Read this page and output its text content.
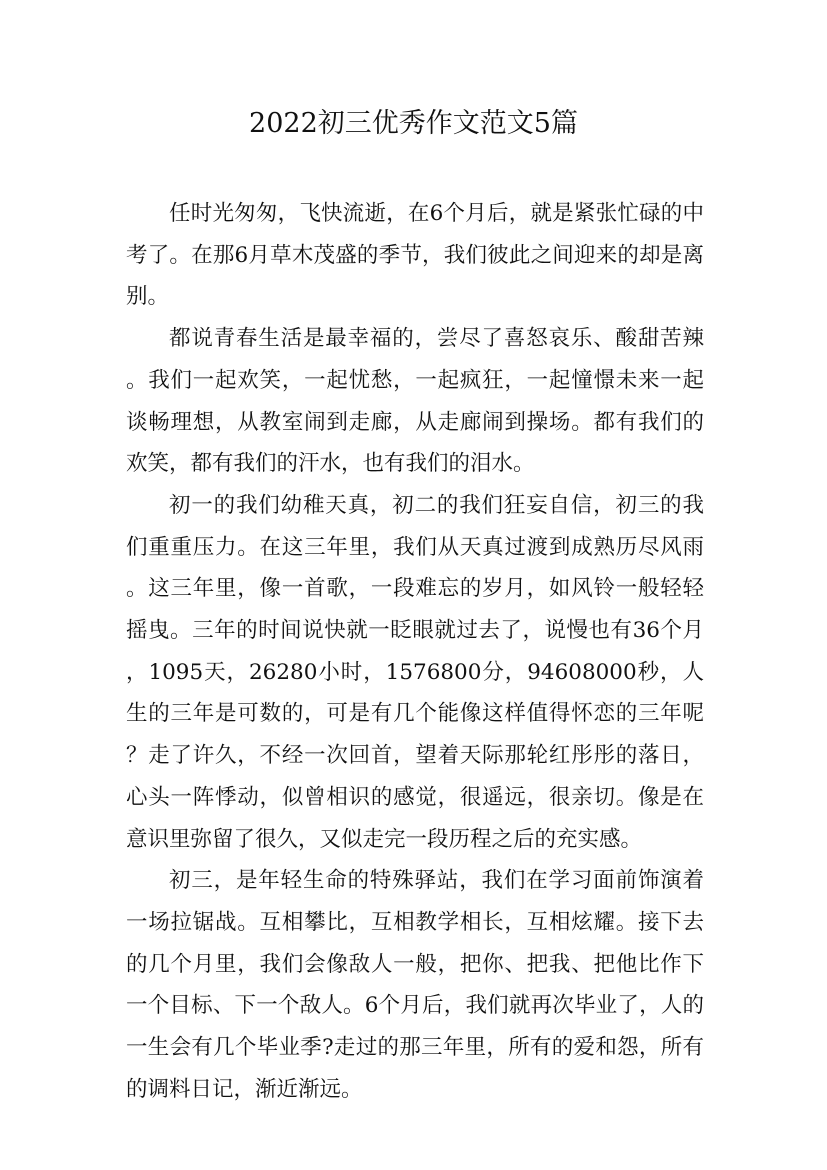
2022初三优秀作文范文5篇

任时光匆匆，飞快流逝，在6个月后，就是紧张忙碌的中考了。在那6月草木茂盛的季节，我们彼此之间迎来的却是离别。

都说青春生活是最幸福的，尝尽了喜怒哀乐、酸甜苦辣。我们一起欢笑，一起忧愁，一起疯狂，一起憧憬未来一起谈畅理想，从教室闹到走廊，从走廊闹到操场。都有我们的欢笑，都有我们的汗水，也有我们的泪水。

初一的我们幼稚天真，初二的我们狂妄自信，初三的我们重重压力。在这三年里，我们从天真过渡到成熟历尽风雨。这三年里，像一首歌，一段难忘的岁月，如风铃一般轻轻摇曳。三年的时间说快就一眨眼就过去了，说慢也有36个月，1095天，26280小时，1576800分，94608000秒，人生的三年是可数的，可是有几个能像这样值得怀恋的三年呢？走了许久，不经一次回首，望着天际那轮红彤彤的落日，心头一阵悸动，似曾相识的感觉，很遥远，很亲切。像是在意识里弥留了很久，又似走完一段历程之后的充实感。

初三，是年轻生命的特殊驿站，我们在学习面前饰演着一场拉锯战。互相攀比，互相教学相长，互相炫耀。接下去的几个月里，我们会像敌人一般，把你、把我、把他比作下一个目标、下一个敌人。6个月后，我们就再次毕业了，人的一生会有几个毕业季?走过的那三年里，所有的爱和怨，所有的调料日记，渐近渐远。
